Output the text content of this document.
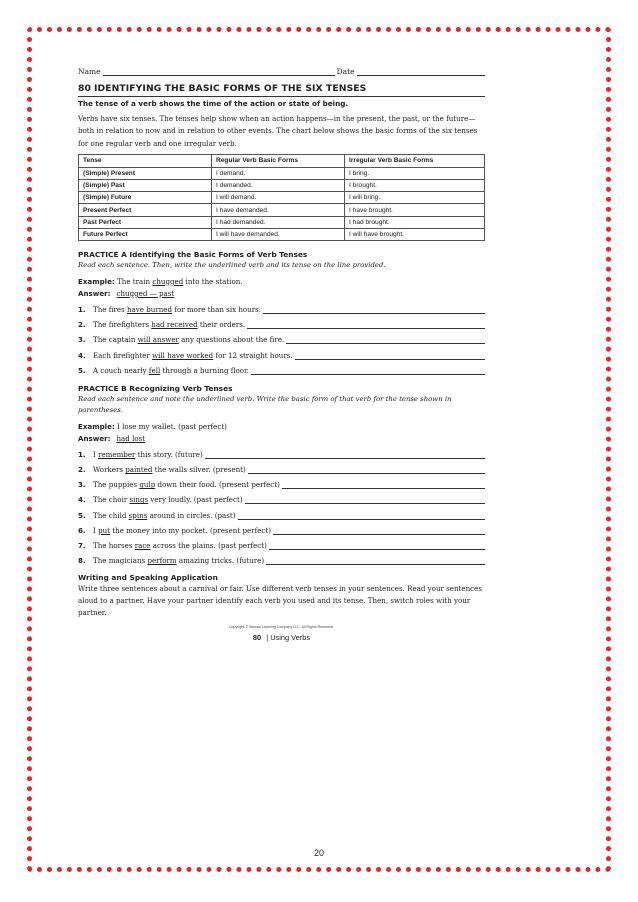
Name	Date
80 IDENTIFYING THE BASIC FORMS OF THE SIX TENSES
The tense of a verb shows the time of the action or state of being.
Verbs have six tenses. The tenses help show when an action happens—in the present, the past, or the future—both in relation to now and in relation to other events. The chart below shows the basic forms of the six tenses for one regular verb and one irregular verb.
Tense	Regular Verb Basic Forms	Irregular Verb Basic Forms
(Simple) Present	I demand.	I bring.
(Simple) Past	I demanded.	I brought.
(Simple) Future	I will demand.	I will bring.
Present Perfect	I have demanded.	I have brought.
Past Perfect	I had demanded.	I had brought.
Future Perfect	I will have demanded.	I will have brought.
PRACTICE A Identifying the Basic Forms of Verb Tenses
Read each sentence. Then, write the underlined verb and its tense on the line provided.
Example: The train chugged into the station.
Answer: chugged — past
1.	The fires have burned for more than six hours.
2.	The firefighters had received their orders.
3.	The captain will answer any questions about the fire.
4.	Each firefighter will have worked for 12 straight hours.
5.	A couch nearly fell through a burning floor.
PRACTICE B Recognizing Verb Tenses
Read each sentence and note the underlined verb. Write the basic form of that verb for the tense shown in parentheses.
Example: I lose my wallet. (past perfect)
Answer: had lost
1.	I remember this story. (future)
2.	Workers painted the walls silver. (present)
3.	The puppies gulp down their food. (present perfect)
4.	The choir sings very loudly. (past perfect)
5.	The child spins around in circles. (past)
6.	I put the money into my pocket. (present perfect)
7.	The horses race across the plains. (past perfect)
8.	The magicians perform amazing tricks. (future)
Writing and Speaking Application
Write three sentences about a carnival or fair. Use different verb tenses in your sentences. Read your sentences aloud to a partner. Have your partner identify each verb you used and its tense. Then, switch roles with your partner.
Copyright © Savvas Learning Company LLC. All Rights Reserved.
80 | Using Verbs
20
